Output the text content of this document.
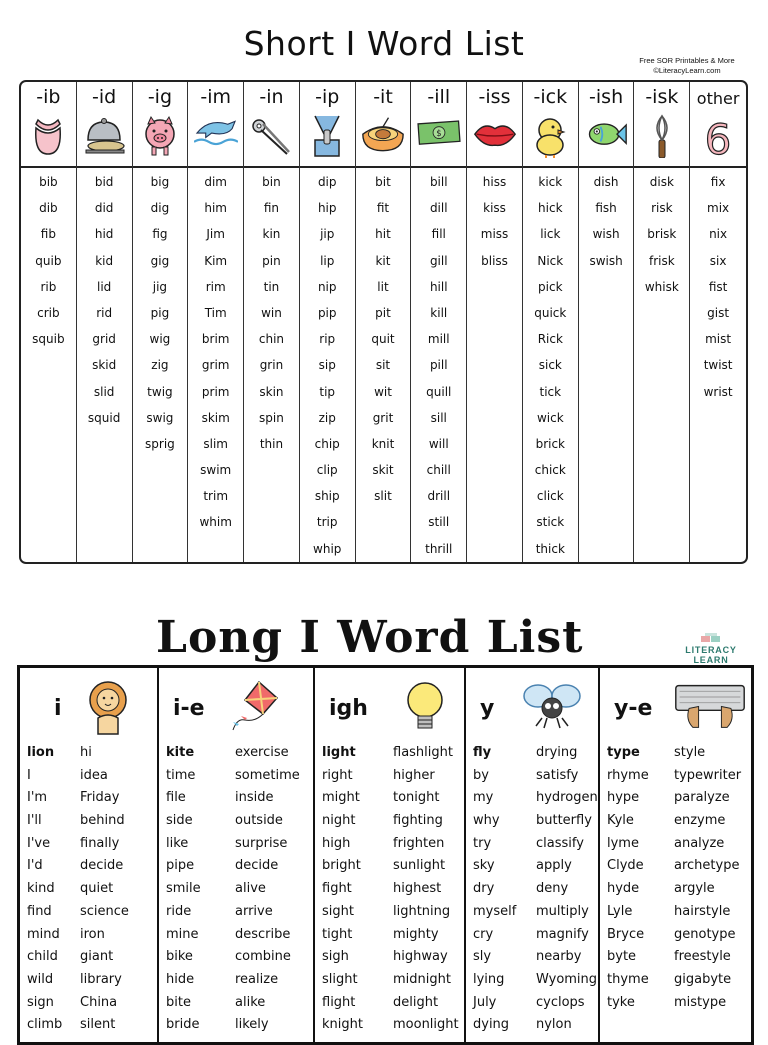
Short I Word List	Free SOR Printables & More
©LiteracyLearn.com
-ib
bib
dib
fib
quib
rib
crib
squib
-id
bid
did
hid
kid
lid
rid
grid
skid
slid
squid
-ig
big
dig
fig
gig
jig
pig
wig
zig
twig
swig
sprig
-im
dim
him
Jim
Kim
rim
Tim
brim
grim
prim
skim
slim
swim
trim
whim
-in
bin
fin
kin
pin
tin
win
chin
grin
skin
spin
thin
-ip
dip
hip
jip
lip
nip
pip
rip
sip
tip
zip
chip
clip
ship
trip
whip
-it
bit
fit
hit
kit
lit
pit
quit
sit
wit
grit
knit
skit
slit
-ill
$
bill
dill
fill
gill
hill
kill
mill
pill
quill
sill
will
chill
drill
still
thrill
-iss
hiss
kiss
miss
bliss
-ick
kick
hick
lick
Nick
pick
quick
Rick
sick
tick
wick
brick
chick
click
stick
thick
-ish
dish
fish
wish
swish
-isk
disk
risk
brisk
frisk
whisk
other
6
fix
mix
nix
six
fist
gist
mist
twist
wrist
Long I Word List	LITERACY LEARN
i
lion
I
I'm
I'll
I've
I'd
kind
find
mind
child
wild
sign
climb
hi
idea
Friday
behind
finally
decide
quiet
science
iron
giant
library
China
silent
i-e
kite
time
file
side
like
pipe
smile
ride
mine
bike
hide
bite
bride
exercise
sometime
inside
outside
surprise
decide
alive
arrive
describe
combine
realize
alike
likely
igh
light
right
might
night
high
bright
fight
sight
tight
sigh
slight
flight
knight
flashlight
higher
tonight
fighting
frighten
sunlight
highest
lightning
mighty
highway
midnight
delight
moonlight
y
fly
by
my
why
try
sky
dry
myself
cry
sly
lying
July
dying
drying
satisfy
hydrogen
butterfly
classify
apply
deny
multiply
magnify
nearby
Wyoming
cyclops
nylon
y-e
type
rhyme
hype
Kyle
lyme
Clyde
hyde
Lyle
Bryce
byte
thyme
tyke
style
typewriter
paralyze
enzyme
analyze
archetype
argyle
hairstyle
genotype
freestyle
gigabyte
mistype
